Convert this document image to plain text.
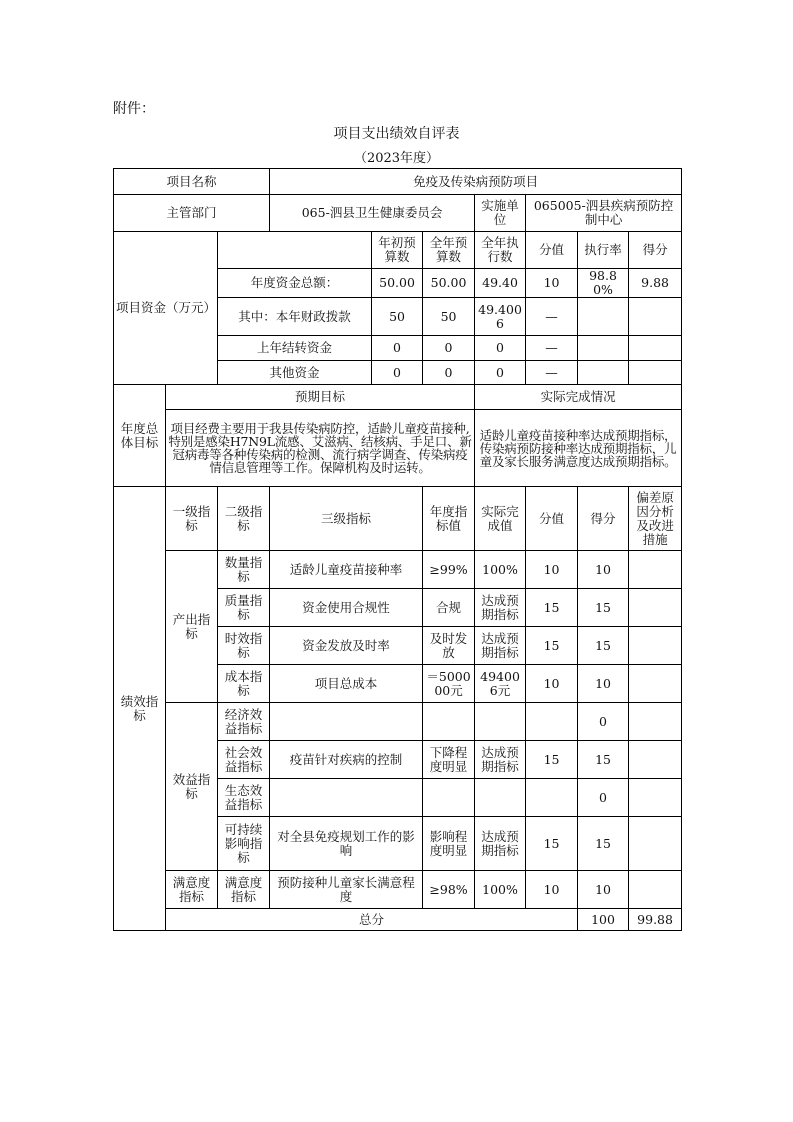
附件：
项目支出绩效自评表
（2023年度）
项目名称			免疫及传染病预防项目							
主管部门			065-泗县卫生健康委员会			实施单位	065005-泗县疾病预防控制中心			
项目资金（万元）				年初预算数	全年预算数	全年执行数	分值	执行率	得分	
		年度资金总额：		50.00	50.00	49.40	10	98.80%	9.88	
		其中：本年财政拨款		50	50	49.4006	—			
		上年结转资金		0	0	0	—			
		其他资金		0	0	0	—			
年度总体目标	预期目标					实际完成情况				
	项目经费主要用于我县传染病防控，适龄儿童疫苗接种,特别是感染H7N9L流感、艾滋病、结核病、手足口、新冠病毒等各种传染病的检测、流行病学调查、传染病疫情信息管理等工作。保障机构及时运转。					适龄儿童疫苗接种率达成预期指标，传染病预防接种率达成预期指标，儿童及家长服务满意度达成预期指标。				
绩效指标	一级指标	二级指标	三级指标		年度指标值	实际完成值	分值	得分	偏差原因分析及改进措施	
	产出指标	数量指标	适龄儿童疫苗接种率		≥99%	100%	10	10		
		质量指标	资金使用合规性		合规	达成预期指标	15	15		
		时效指标	资金发放及时率		及时发放	达成预期指标	15	15		
		成本指标	项目总成本		＝500000元	494006元	10	10		
	效益指标	经济效益指标						0		
		社会效益指标	疫苗针对疾病的控制		下降程度明显	达成预期指标	15	15		
		生态效益指标						0		
		可持续影响指标	对全县免疫规划工作的影响		影响程度明显	达成预期指标	15	15		
	满意度指标	满意度指标	预防接种儿童家长满意程度		≥98%	100%	10	10		
	总分							100	99.88	
